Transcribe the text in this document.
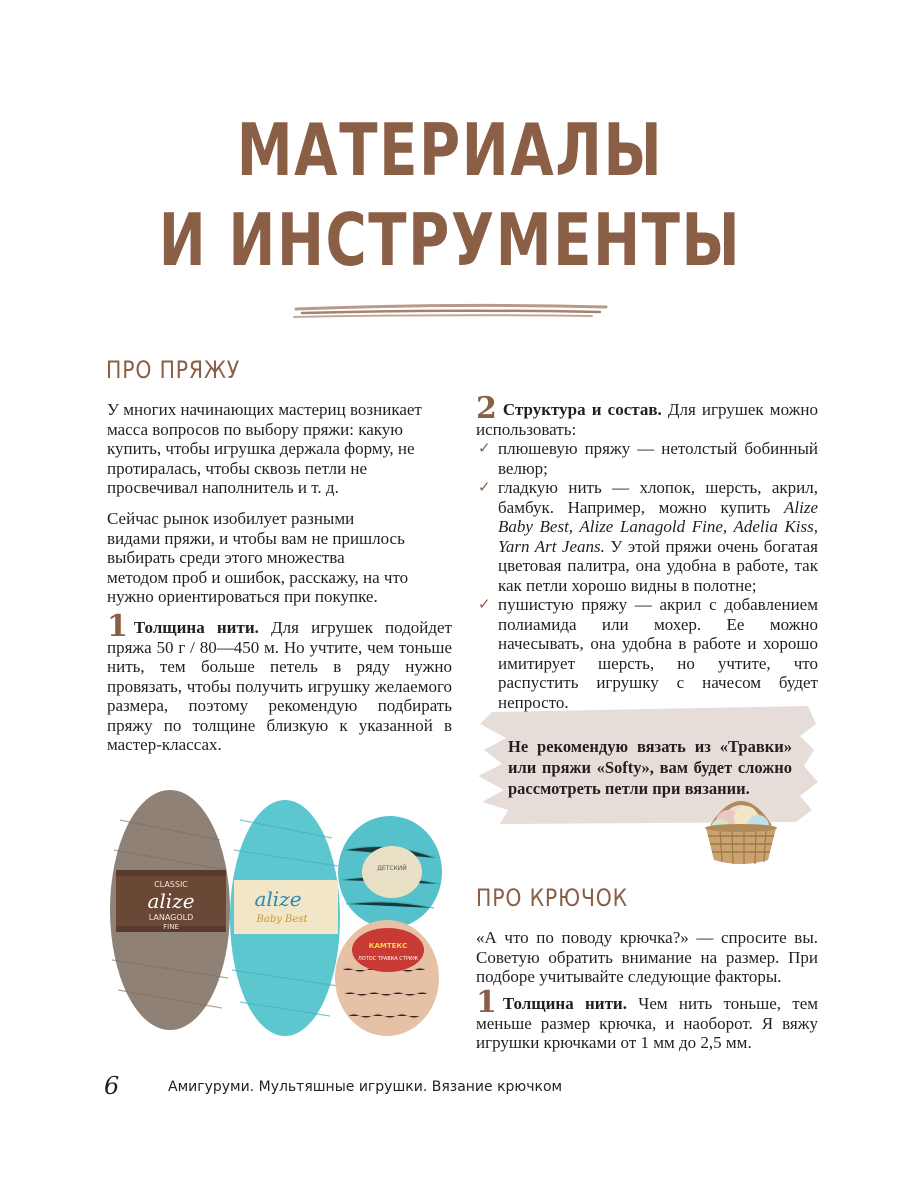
МАТЕРИАЛЫ
И ИНСТРУМЕНТЫ
ПРО ПРЯЖУ
У многих начинающих мастериц возникает масса вопросов по выбору пряжи: какую купить, чтобы игрушка держала форму, не протиралась, чтобы сквозь петли не просвечивал наполнитель и т. д.
Сейчас рынок изобилует разными видами пряжи, и чтобы вам не пришлось выбирать среди этого множества методом проб и ошибок, расскажу, на что нужно ориентироваться при покупке.
1 Толщина нити. Для игрушек подойдет пряжа 50 г / 80—450 м. Но учтите, чем тоньше нить, тем больше петель в ряду нужно провязать, чтобы получить игрушку желаемого размера, поэтому рекомендую подбирать пряжу по толщине близкую к указанной в мастер-классах.
2 Структура и состав. Для игрушек можно использовать:
✓ плюшевую пряжу — нетолстый бобинный велюр;
✓ гладкую нить — хлопок, шерсть, акрил, бамбук. Например, можно купить Alize Baby Best, Alize Lanagold Fine, Adelia Kiss, Yarn Art Jeans. У этой пряжи очень богатая цветовая палитра, она удобна в работе, так как петли хорошо видны в полотне;
✓ пушистую пряжу — акрил с добавлением полиамида или мохер. Ее можно начесывать, она удобна в работе и хорошо имитирует шерсть, но учтите, что распустить игрушку с начесом будет непросто.
Не рекомендую вязать из «Травки» или пряжи «Softy», вам будет сложно рассмотреть петли при вязании.
CLASSIC
alize
LANAGOLD
FINE
alize
Baby Best
ДЕТСКИЙ
КАМТЕКС
ЛОТОС ТРАВКА СТРИЖ
ПРО КРЮЧОК
«А что по поводу крючка?» — спросите вы. Советую обратить внимание на размер. При подборе учитывайте следующие факторы.
1 Толщина нити. Чем нить тоньше, тем меньше размер крючка, и наоборот. Я вяжу игрушки крючками от 1 мм до 2,5 мм.
6	Амигуруми. Мультяшные игрушки. Вязание крючком
